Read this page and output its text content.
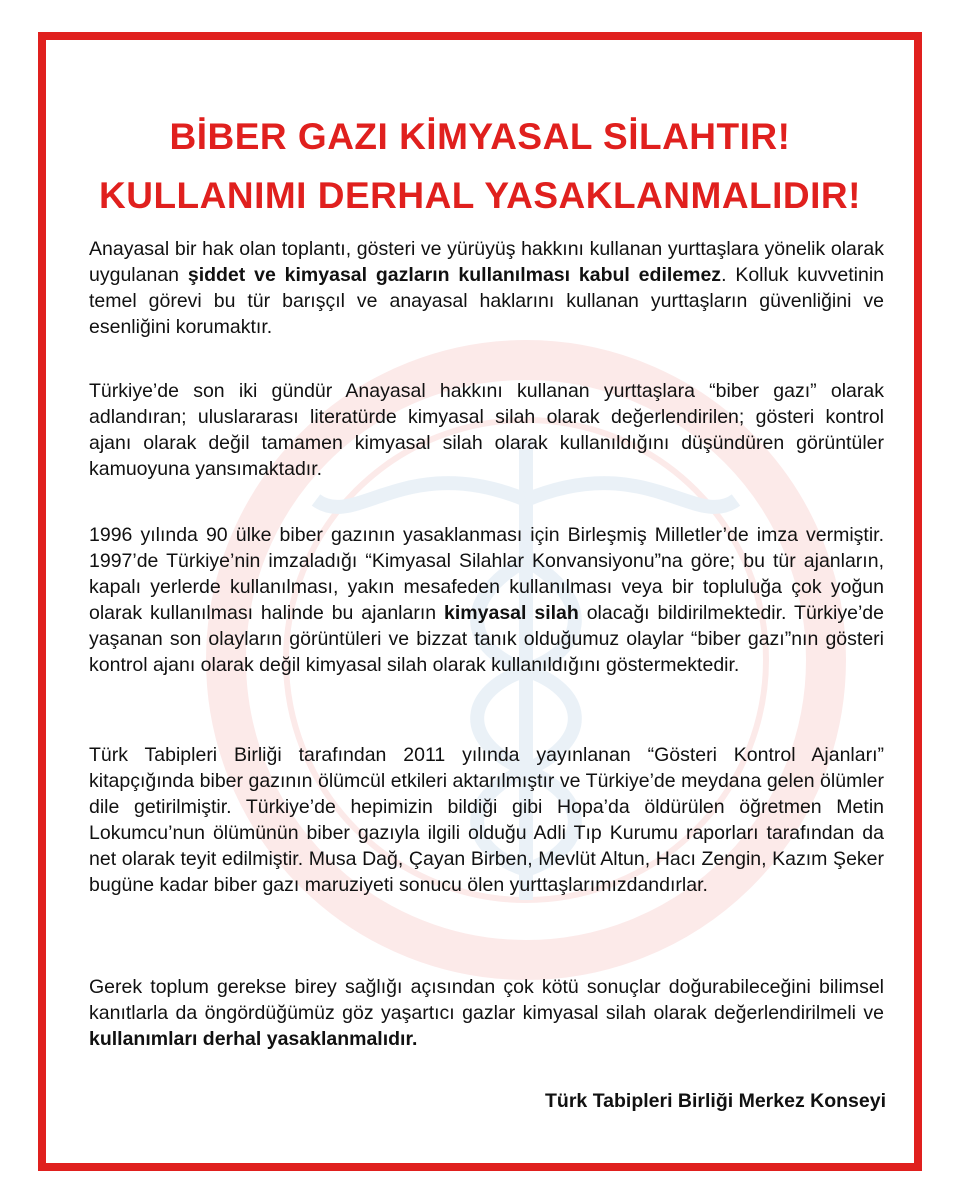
BİBER GAZI KİMYASAL SİLAHTIR!
KULLANIMI DERHAL YASAKLANMALIDIR!
Anayasal bir hak olan toplantı, gösteri ve yürüyüş hakkını kullanan yurttaşlara yönelik olarak uygulanan şiddet ve kimyasal gazların kullanılması kabul edilemez. Kolluk kuvvetinin temel görevi bu tür barışçıl ve anayasal haklarını kullanan yurttaşların güvenliğini ve esenliğini korumaktır.
Türkiye’de son iki gündür Anayasal hakkını kullanan yurttaşlara “biber gazı” olarak adlandıran; uluslararası literatürde kimyasal silah olarak değerlendirilen; gösteri kontrol ajanı olarak değil tamamen kimyasal silah olarak kullanıldığını düşündüren görüntüler kamuoyuna yansımaktadır.
1996 yılında 90 ülke biber gazının yasaklanması için Birleşmiş Milletler’de imza vermiştir. 1997’de Türkiye’nin imzaladığı “Kimyasal Silahlar Konvansiyonu”na göre; bu tür ajanların, kapalı yerlerde kullanılması, yakın mesafeden kullanılması veya bir topluluğa çok yoğun olarak kullanılması halinde bu ajanların kimyasal silah olacağı bildirilmektedir. Türkiye’de yaşanan son olayların görüntüleri ve bizzat tanık olduğumuz olaylar “biber gazı”nın gösteri kontrol ajanı olarak değil kimyasal silah olarak kullanıldığını göstermektedir.
Türk Tabipleri Birliği tarafından 2011 yılında yayınlanan “Gösteri Kontrol Ajanları” kitapçığında biber gazının ölümcül etkileri aktarılmıştır ve Türkiye’de meydana gelen ölümler dile getirilmiştir. Türkiye’de hepimizin bildiği gibi Hopa’da öldürülen öğretmen Metin Lokumcu’nun ölümünün biber gazıyla ilgili olduğu Adli Tıp Kurumu raporları tarafından da net olarak teyit edilmiştir. Musa Dağ, Çayan Birben, Mevlüt Altun, Hacı Zengin, Kazım Şeker bugüne kadar biber gazı maruziyeti sonucu ölen yurttaşlarımızdandırlar.
Gerek toplum gerekse birey sağlığı açısından çok kötü sonuçlar doğurabileceğini bilimsel kanıtlarla da öngördüğümüz göz yaşartıcı gazlar kimyasal silah olarak değerlendirilmeli ve kullanımları derhal yasaklanmalıdır.
Türk Tabipleri Birliği Merkez Konseyi
